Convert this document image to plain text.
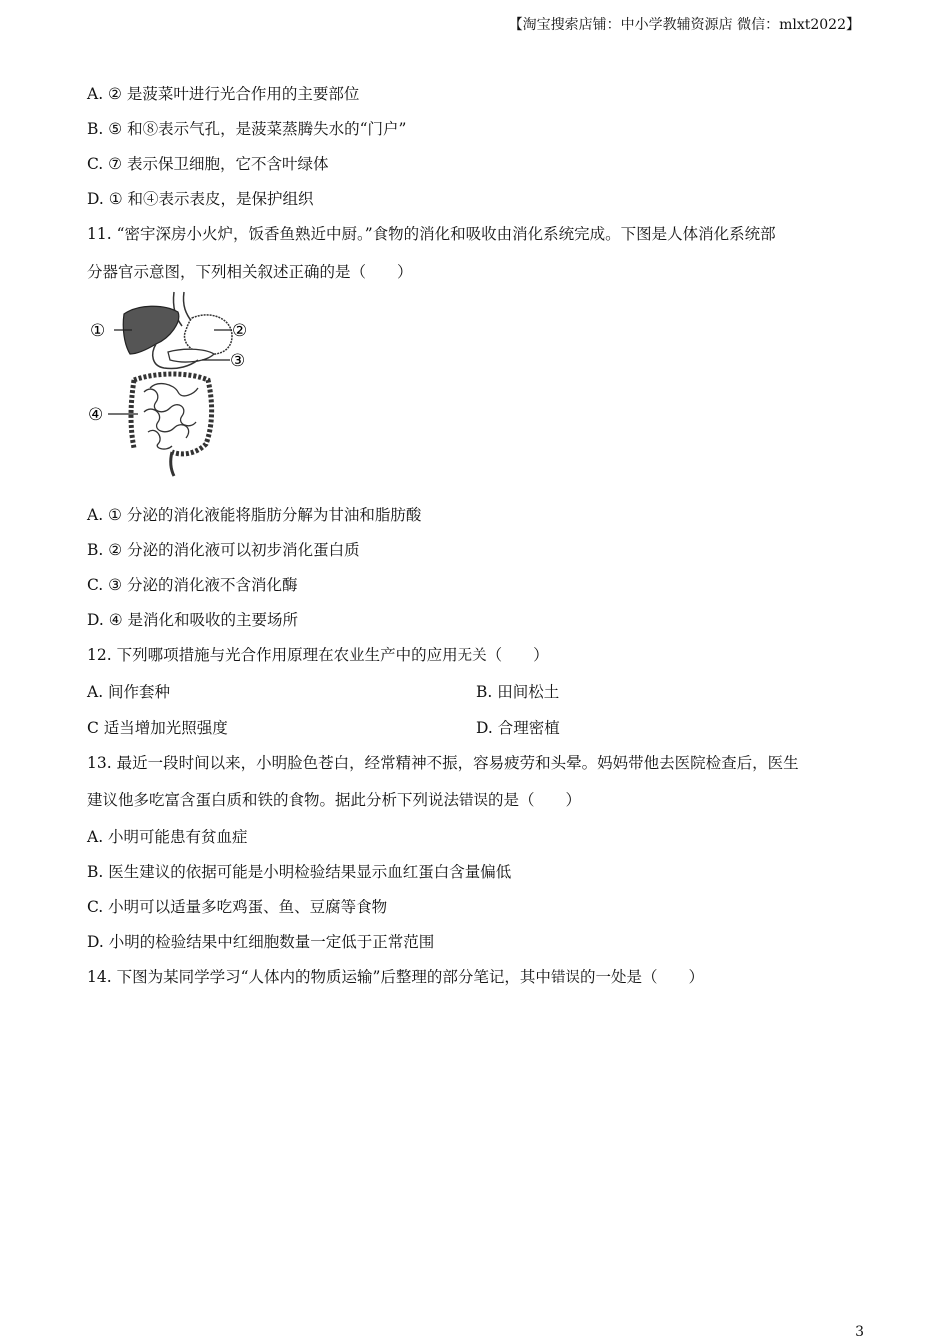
【淘宝搜索店铺：中小学教辅资源店 微信：mlxt2022】
A. ② 是菠菜叶进行光合作用的主要部位
B. ⑤ 和⑧表示气孔，是菠菜蒸腾失水的“门户”
C. ⑦ 表示保卫细胞，它不含叶绿体
D. ① 和④表示表皮，是保护组织
11. “密宇深房小火炉，饭香鱼熟近中厨。”食物的消化和吸收由消化系统完成。下图是人体消化系统部
分器官示意图，下列相关叙述正确的是（　　）
①	②
③
④
A. ① 分泌的消化液能将脂肪分解为甘油和脂肪酸
B. ② 分泌的消化液可以初步消化蛋白质
C. ③ 分泌的消化液不含消化酶
D. ④ 是消化和吸收的主要场所
12. 下列哪项措施与光合作用原理在农业生产中的应用无关（　　）
A. 间作套种	B. 田间松土
C 适当增加光照强度	D. 合理密植
13. 最近一段时间以来，小明脸色苍白，经常精神不振，容易疲劳和头晕。妈妈带他去医院检查后，医生
建议他多吃富含蛋白质和铁的食物。据此分析下列说法错误的是（　　）
A. 小明可能患有贫血症
B. 医生建议的依据可能是小明检验结果显示血红蛋白含量偏低
C. 小明可以适量多吃鸡蛋、鱼、豆腐等食物
D. 小明的检验结果中红细胞数量一定低于正常范围
14. 下图为某同学学习“人体内的物质运输”后整理的部分笔记，其中错误的一处是（　　）
3
